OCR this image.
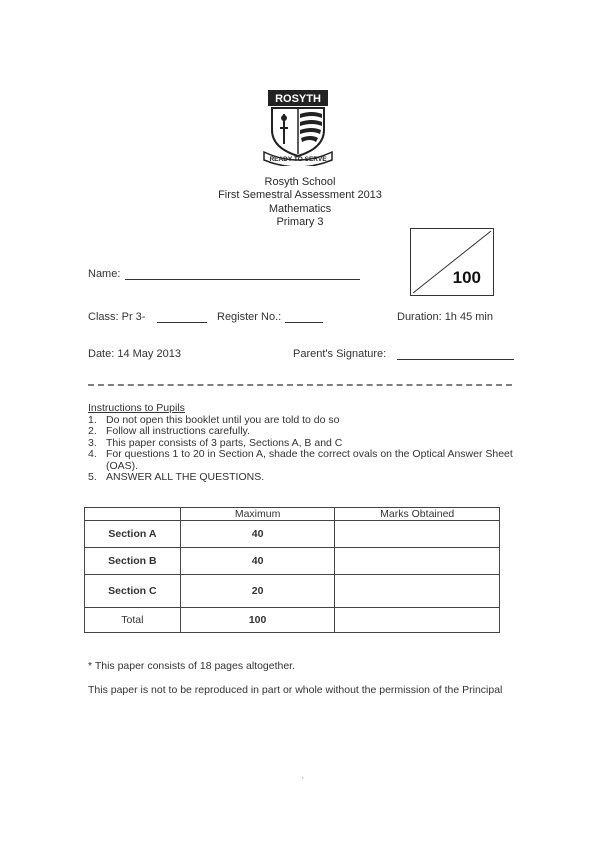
ROSYTH
READY TO SERVE
Rosyth School
First Semestral Assessment 2013
Mathematics
Primary 3
100
Name:
Class: Pr 3-	Register No.:	Duration: 1h 45 min
Date: 14 May 2013	Parent's Signature:
Instructions to Pupils
1. Do not open this booklet until you are told to do so
2. Follow all instructions carefully.
3. This paper consists of 3 parts, Sections A, B and C
4. For questions 1 to 20 in Section A, shade the correct ovals on the Optical Answer Sheet (OAS).
5. ANSWER ALL THE QUESTIONS.
	Maximum	Marks Obtained
Section A	40	
Section B	40	
Section C	20	
Total	100	

* This paper consists of 18 pages altogether.

This paper is not to be reproduced in part or whole without the permission of the Principal

‘
